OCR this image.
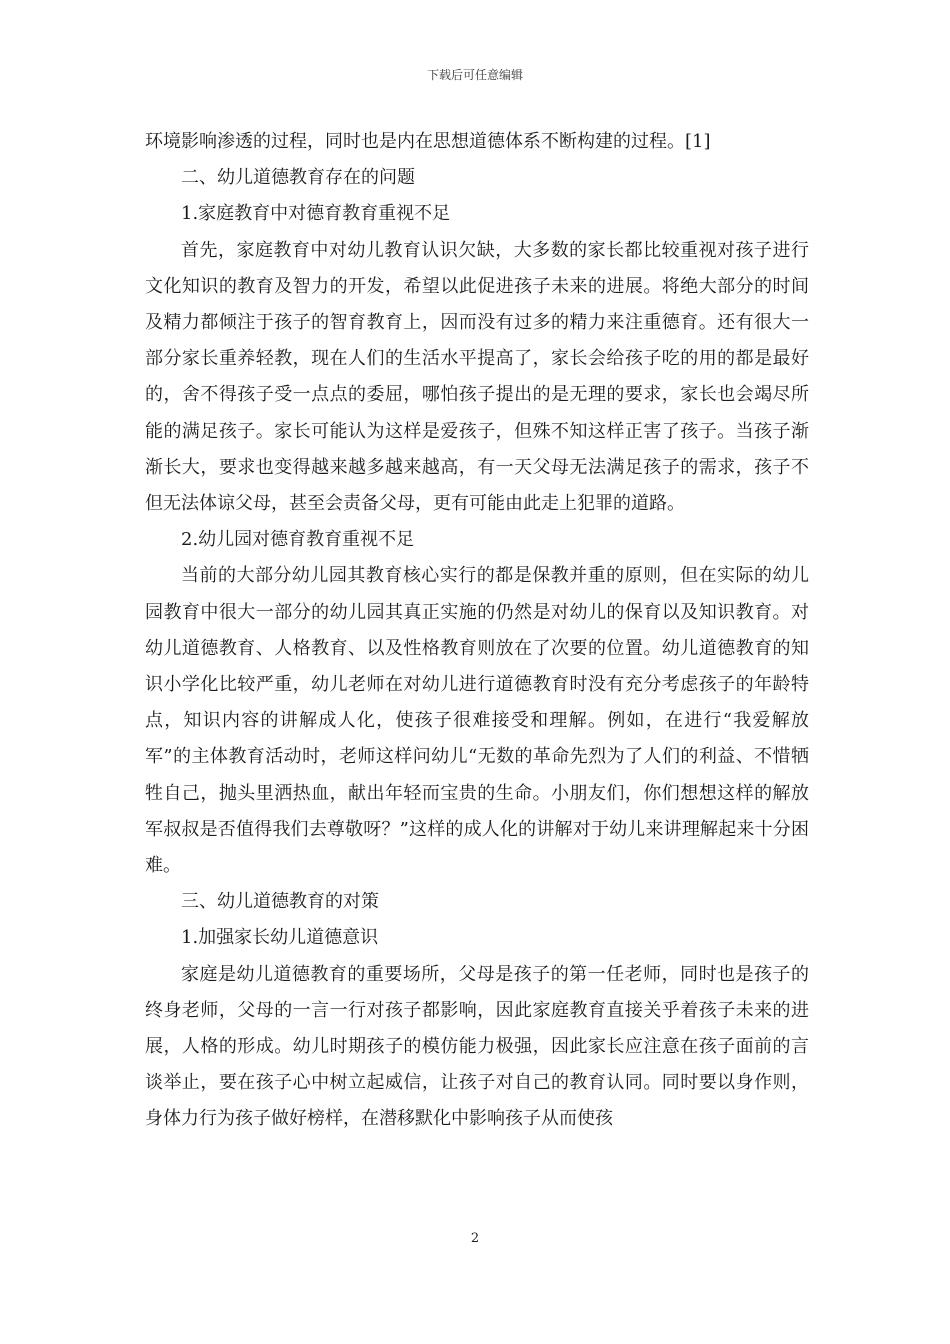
下载后可任意编辑

环境影响渗透的过程，同时也是内在思想道德体系不断构建的过程。[1]

二、幼儿道德教育存在的问题

1.家庭教育中对德育教育重视不足

首先，家庭教育中对幼儿教育认识欠缺，大多数的家长都比较重视对孩子进行文化知识的教育及智力的开发，希望以此促进孩子未来的进展。将绝大部分的时间及精力都倾注于孩子的智育教育上，因而没有过多的精力来注重德育。还有很大一部分家长重养轻教，现在人们的生活水平提高了，家长会给孩子吃的用的都是最好的，舍不得孩子受一点点的委屈，哪怕孩子提出的是无理的要求，家长也会竭尽所能的满足孩子。家长可能认为这样是爱孩子，但殊不知这样正害了孩子。当孩子渐渐长大，要求也变得越来越多越来越高，有一天父母无法满足孩子的需求，孩子不但无法体谅父母，甚至会责备父母，更有可能由此走上犯罪的道路。

2.幼儿园对德育教育重视不足

当前的大部分幼儿园其教育核心实行的都是保教并重的原则，但在实际的幼儿园教育中很大一部分的幼儿园其真正实施的仍然是对幼儿的保育以及知识教育。对幼儿道德教育、人格教育、以及性格教育则放在了次要的位置。幼儿道德教育的知识小学化比较严重，幼儿老师在对幼儿进行道德教育时没有充分考虑孩子的年龄特点，知识内容的讲解成人化，使孩子很难接受和理解。例如，在进行“我爱解放军”的主体教育活动时，老师这样问幼儿“无数的革命先烈为了人们的利益、不惜牺牲自己，抛头里洒热血，献出年轻而宝贵的生命。小朋友们，你们想想这样的解放军叔叔是否值得我们去尊敬呀？”这样的成人化的讲解对于幼儿来讲理解起来十分困难。

三、幼儿道德教育的对策

1.加强家长幼儿道德意识

家庭是幼儿道德教育的重要场所，父母是孩子的第一任老师，同时也是孩子的终身老师，父母的一言一行对孩子都影响，因此家庭教育直接关乎着孩子未来的进展，人格的形成。幼儿时期孩子的模仿能力极强，因此家长应注意在孩子面前的言谈举止，要在孩子心中树立起威信，让孩子对自己的教育认同。同时要以身作则，身体力行为孩子做好榜样，在潜移默化中影响孩子从而使孩

2
